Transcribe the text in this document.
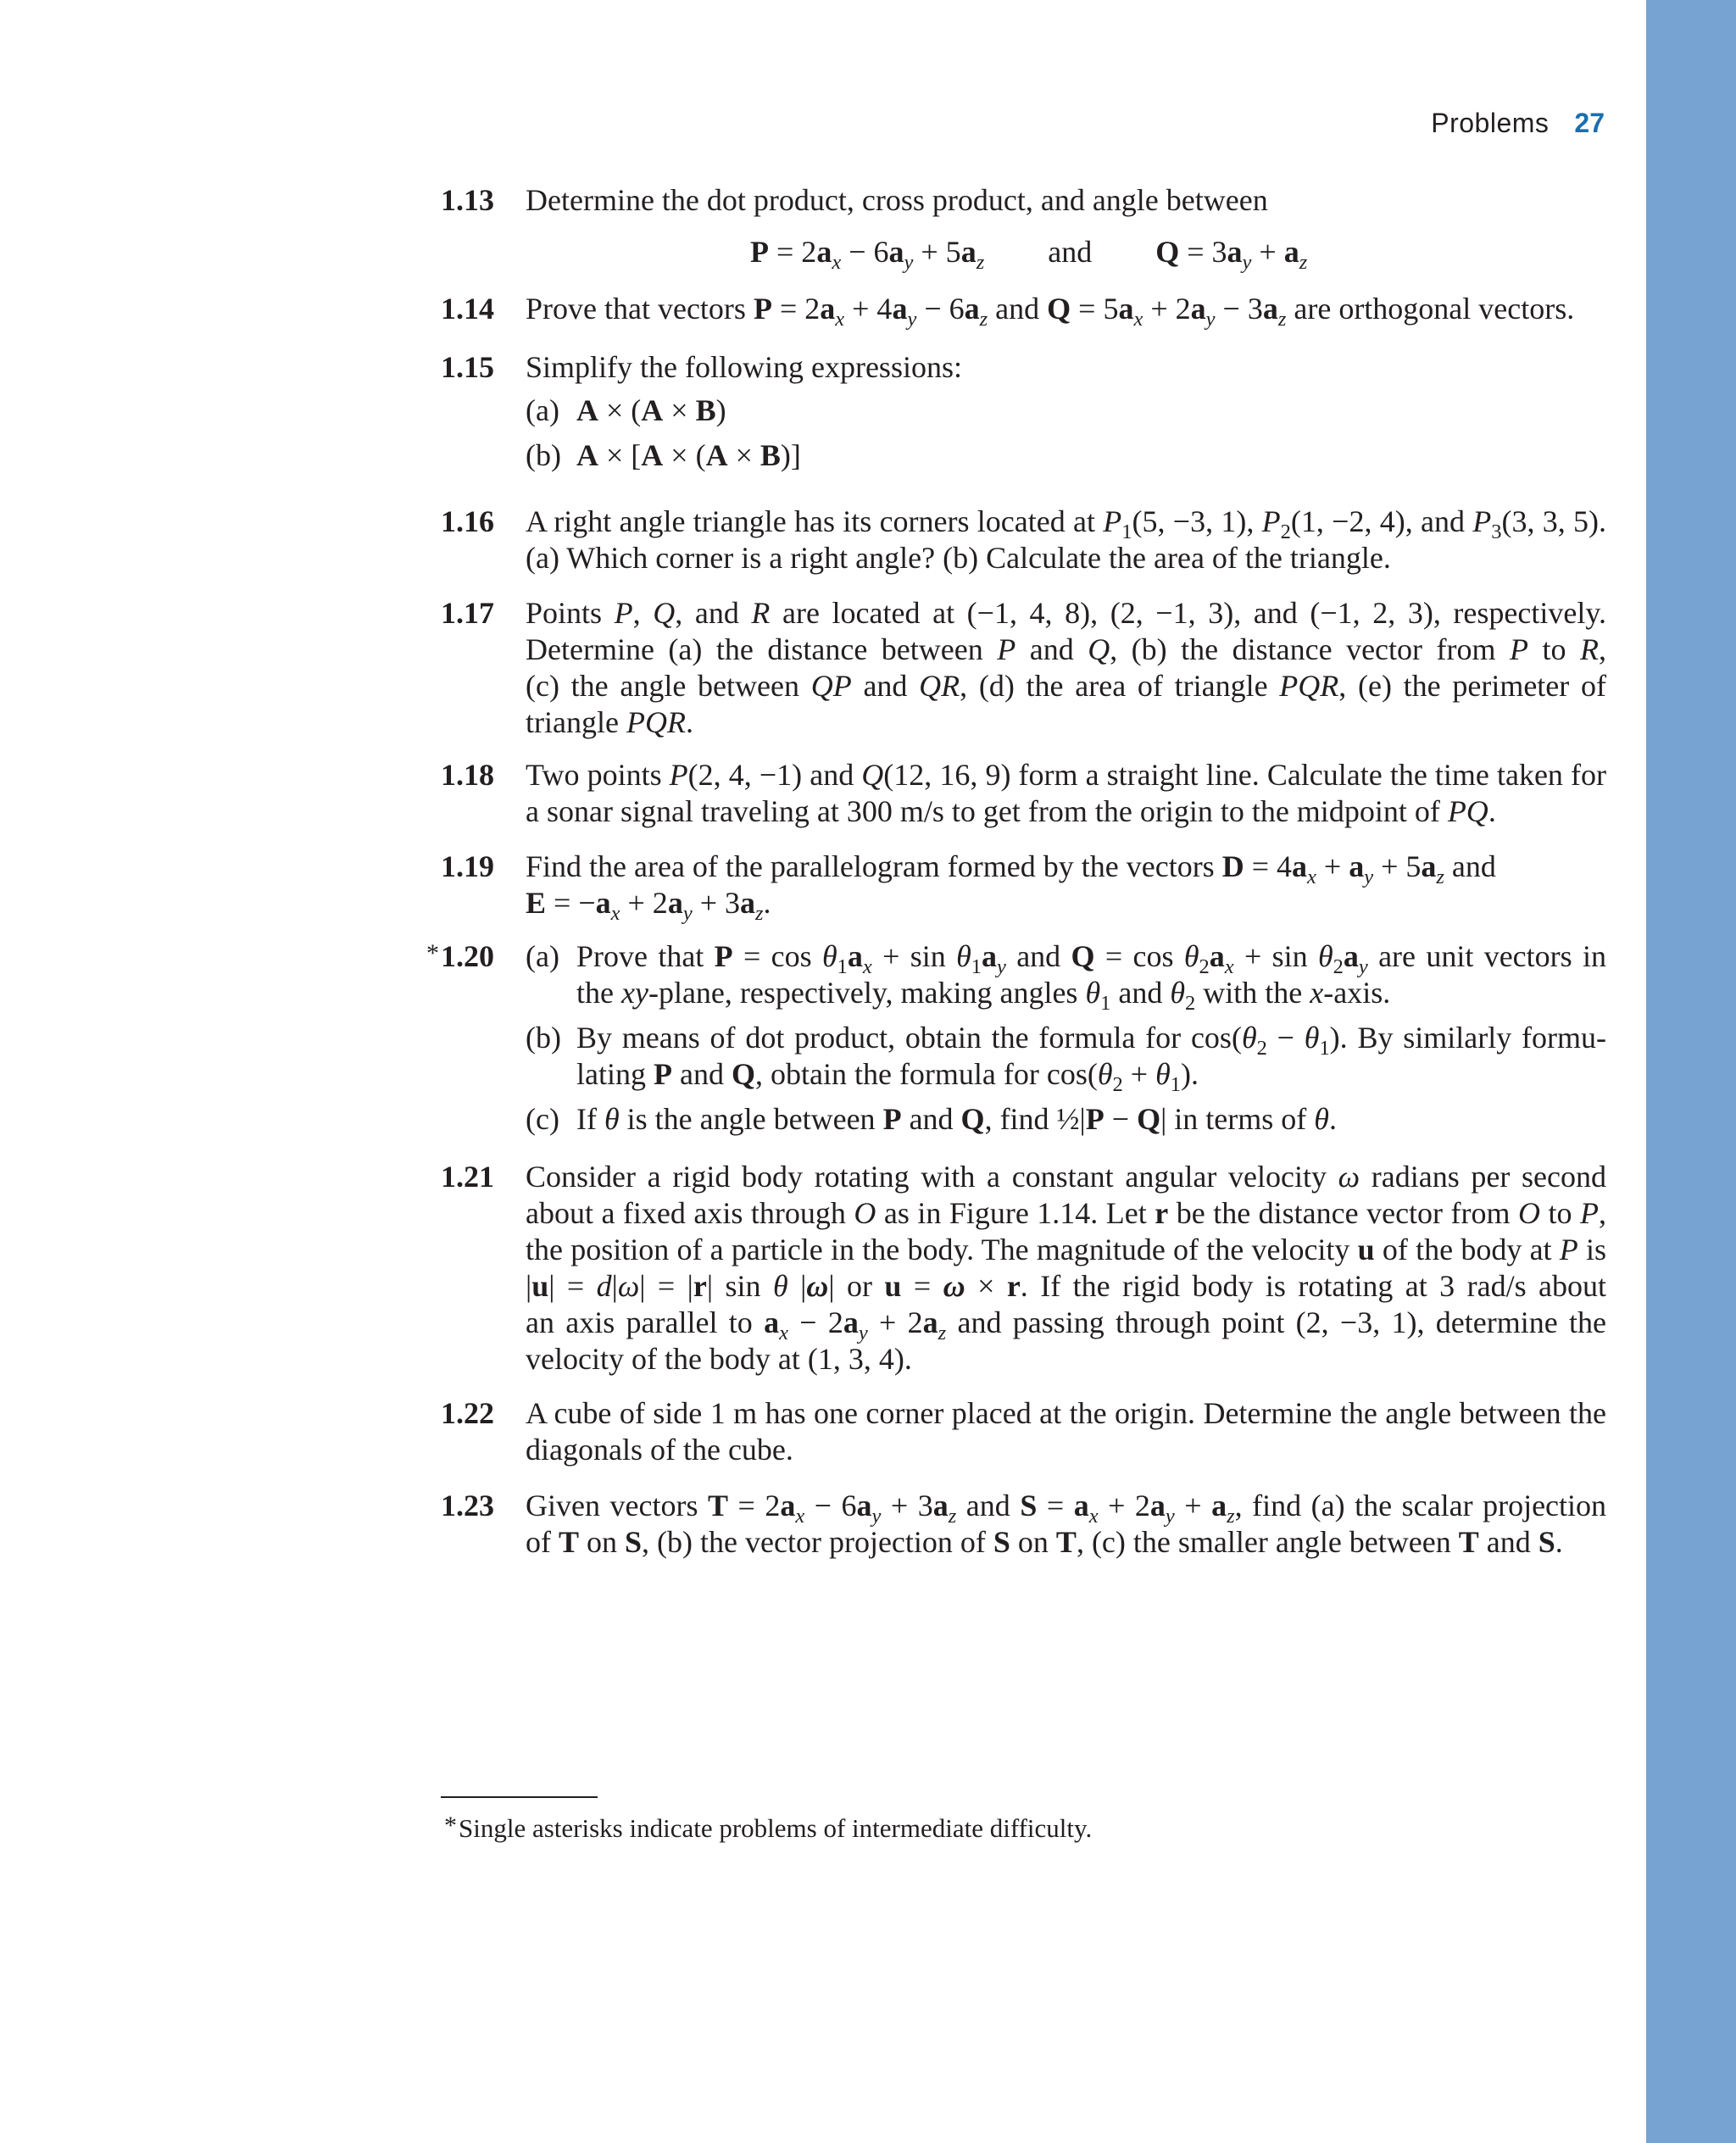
Problems 27
1.13 Determine the dot product, cross product, and angle between
$P = 2a_x - 6a_y + 5a_z$ and $Q = 3a_y + a_z$
1.14 Prove that vectors $P = 2a_x + 4a_y - 6a_z$ and $Q = 5a_x + 2a_y - 3a_z$ are orthogonal vectors.
1.15 Simplify the following expressions:
(a) A × (A × B)
(b) A × [A × (A × B)]
1.16 A right angle triangle has its corners located at $P_1(5$, −3, 1), $P_2(1$, −2, 4), and $P_3(3$, 3, 5).
(a) Which corner is a right angle? (b) Calculate the area of the triangle.
1.17 Points P, Q, and R are located at (−1, 4, 8), (2, −1, 3), and (−1, 2, 3), respectively.
Determine (a) the distance between P and Q, (b) the distance vector from P to R,
(c) the angle between QP and QR, (d) the area of triangle PQR, (e) the perimeter of
triangle PQR.
1.18 Two points P(2, 4, −1) and Q(12, 16, 9) form a straight line. Calculate the time taken for
a sonar signal traveling at 300 m/s to get from the origin to the midpoint of PQ.
1.19 Find the area of the parallelogram formed by the vectors $D = 4a_x + a_y + 5a_z$ and
$E = -a_x + 2a_y + 3a_z$.
* 1.20 (a) Prove that $P = \cos \theta_1a_x + \sin \theta_1a_y$ and $Q = \cos \theta_2a_x + \sin \theta_2a_y$ are unit vectors in
the xy-plane, respectively, making angles $\theta_1$ and $\theta_2$ with the x-axis.
(b) By means of dot product, obtain the formula for $\cos(\theta_2 - \theta_1)$. By similarly formu-
lating P and Q, obtain the formula for $\cos(\theta_2 + \theta_1)$.
(c) If θ is the angle between P and Q, find ½|P − Q| in terms of θ.
1.21 Consider a rigid body rotating with a constant angular velocity ω radians per second
about a fixed axis through O as in Figure 1.14. Let r be the distance vector from O to P,
the position of a particle in the body. The magnitude of the velocity u of the body at P is
|u| = d|ω| = |r| sin θ |ω| or u = ω × r. If the rigid body is rotating at 3 rad/s about
an axis parallel to $a_x - 2a_y + 2a_z$ and passing through point (2, −3, 1), determine the
velocity of the body at (1, 3, 4).
1.22 A cube of side 1 m has one corner placed at the origin. Determine the angle between the
diagonals of the cube.
1.23 Given vectors $T = 2a_x - 6a_y + 3a_z$ and $S = a_x + 2a_y + a_z$, find (a) the scalar projection
of T on S, (b) the vector projection of S on T, (c) the smaller angle between T and S.
*Single asterisks indicate problems of intermediate difficulty.
